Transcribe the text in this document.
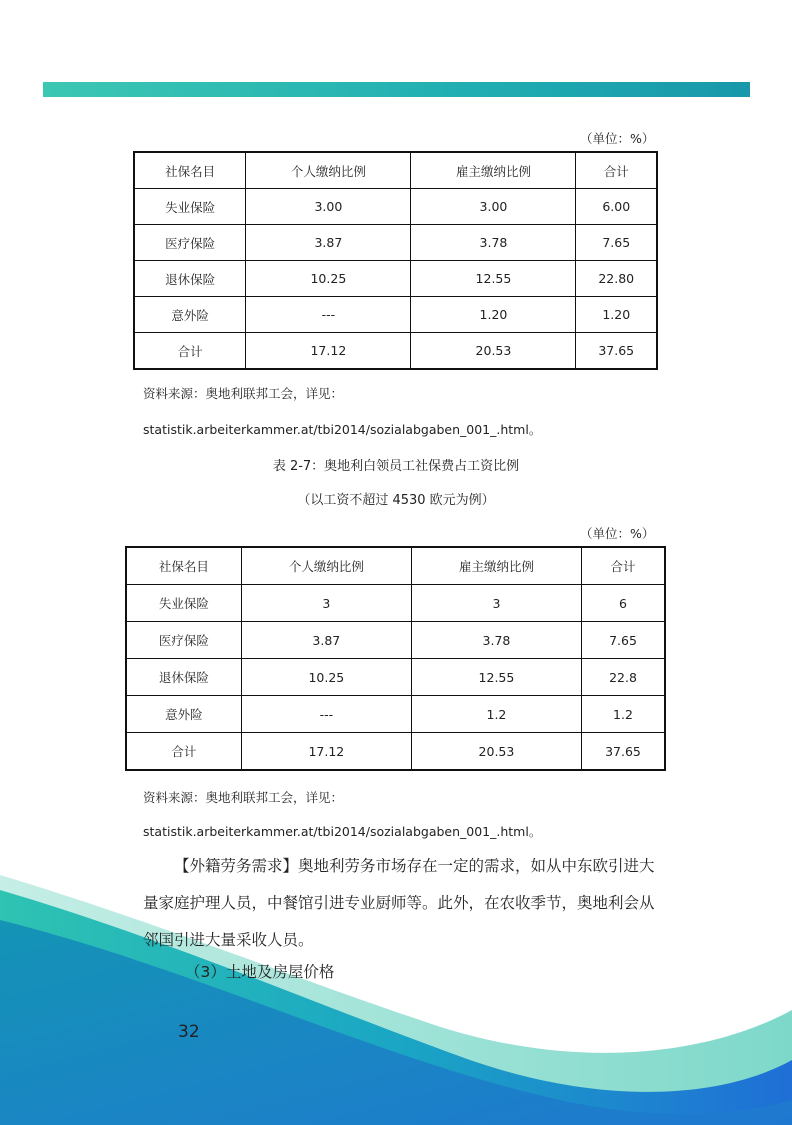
（单位：%）
社保名目	个人缴纳比例	雇主缴纳比例	合计
失业保险	3.00	3.00	6.00
医疗保险	3.87	3.78	7.65
退休保险	10.25	12.55	22.80
意外险	---	1.20	1.20
合计	17.12	20.53	37.65
资料来源：奥地利联邦工会，详见：
statistik.arbeiterkammer.at/tbi2014/sozialabgaben_001_.html。
表 2-7：奥地利白领员工社保费占工资比例
（以工资不超过 4530 欧元为例）
（单位：%）
社保名目	个人缴纳比例	雇主缴纳比例	合计
失业保险	3	3	6
医疗保险	3.87	3.78	7.65
退休保险	10.25	12.55	22.8
意外险	---	1.2	1.2
合计	17.12	20.53	37.65
资料来源：奥地利联邦工会，详见：
statistik.arbeiterkammer.at/tbi2014/sozialabgaben_001_.html。
【外籍劳务需求】奥地利劳务市场存在一定的需求，如从中东欧引进大量家庭护理人员，中餐馆引进专业厨师等。此外，在农收季节，奥地利会从邻国引进大量采收人员。
（3）土地及房屋价格
32
